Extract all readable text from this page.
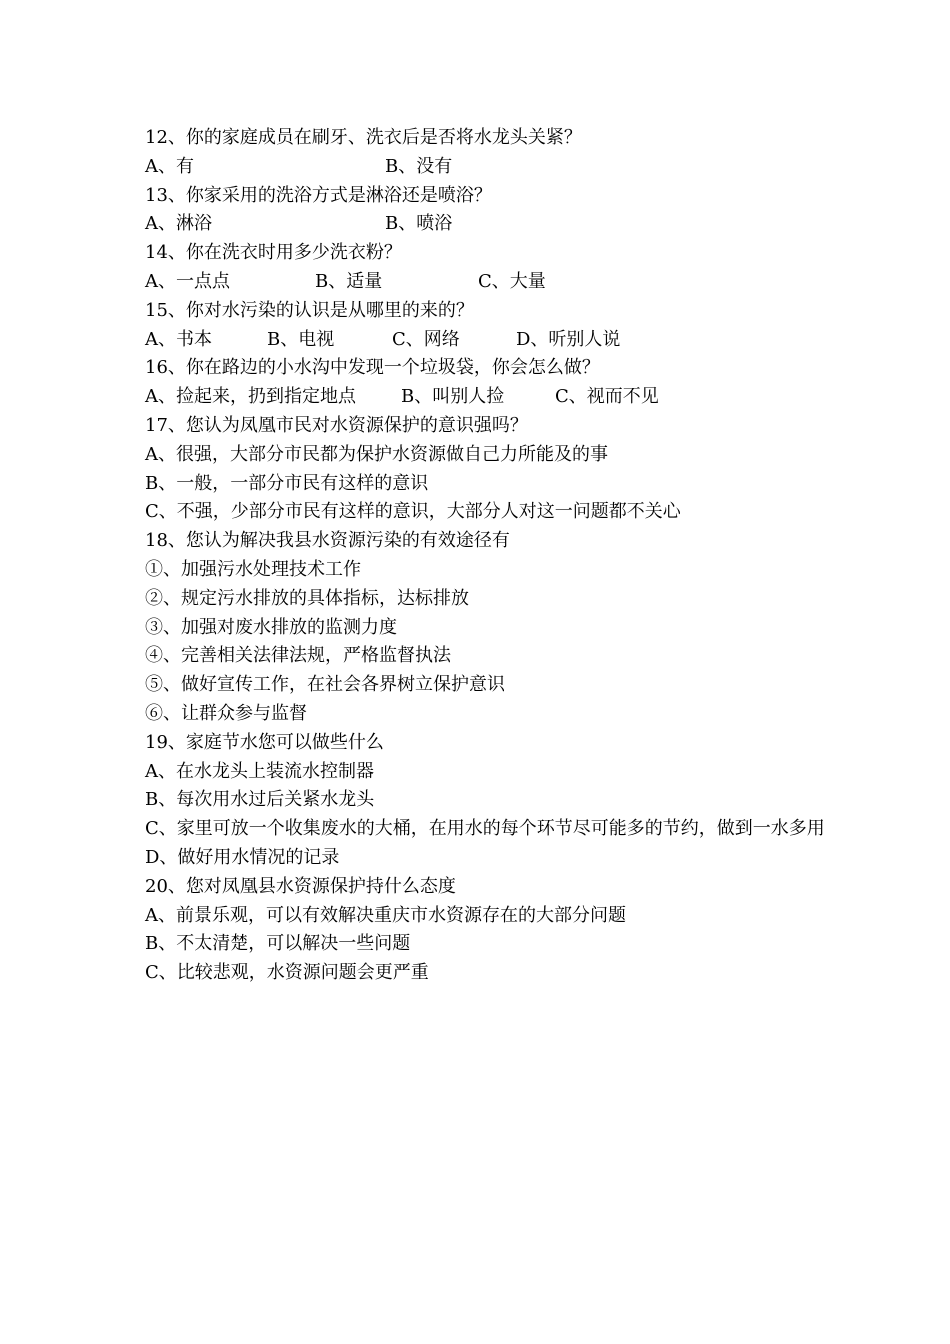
12、你的家庭成员在刷牙、洗衣后是否将水龙头关紧？
A、有	B、没有
13、你家采用的洗浴方式是淋浴还是喷浴？
A、淋浴	B、喷浴
14、你在洗衣时用多少洗衣粉？
A、一点点	B、适量	C、大量
15、你对水污染的认识是从哪里的来的？
A、书本	B、电视	C、网络	D、听别人说
16、你在路边的小水沟中发现一个垃圾袋，你会怎么做？
A、捡起来，扔到指定地点	B、叫别人捡	C、视而不见
17、您认为凤凰市民对水资源保护的意识强吗？
A、很强，大部分市民都为保护水资源做自己力所能及的事
B、一般，一部分市民有这样的意识
C、不强，少部分市民有这样的意识，大部分人对这一问题都不关心
18、您认为解决我县水资源污染的有效途径有
①、加强污水处理技术工作
②、规定污水排放的具体指标，达标排放
③、加强对废水排放的监测力度
④、完善相关法律法规，严格监督执法
⑤、做好宣传工作，在社会各界树立保护意识
⑥、让群众参与监督
19、家庭节水您可以做些什么
A、在水龙头上装流水控制器
B、每次用水过后关紧水龙头
C、家里可放一个收集废水的大桶，在用水的每个环节尽可能多的节约，做到一水多用
D、做好用水情况的记录
20、您对凤凰县水资源保护持什么态度
A、前景乐观，可以有效解决重庆市水资源存在的大部分问题
B、不太清楚，可以解决一些问题
C、比较悲观，水资源问题会更严重
